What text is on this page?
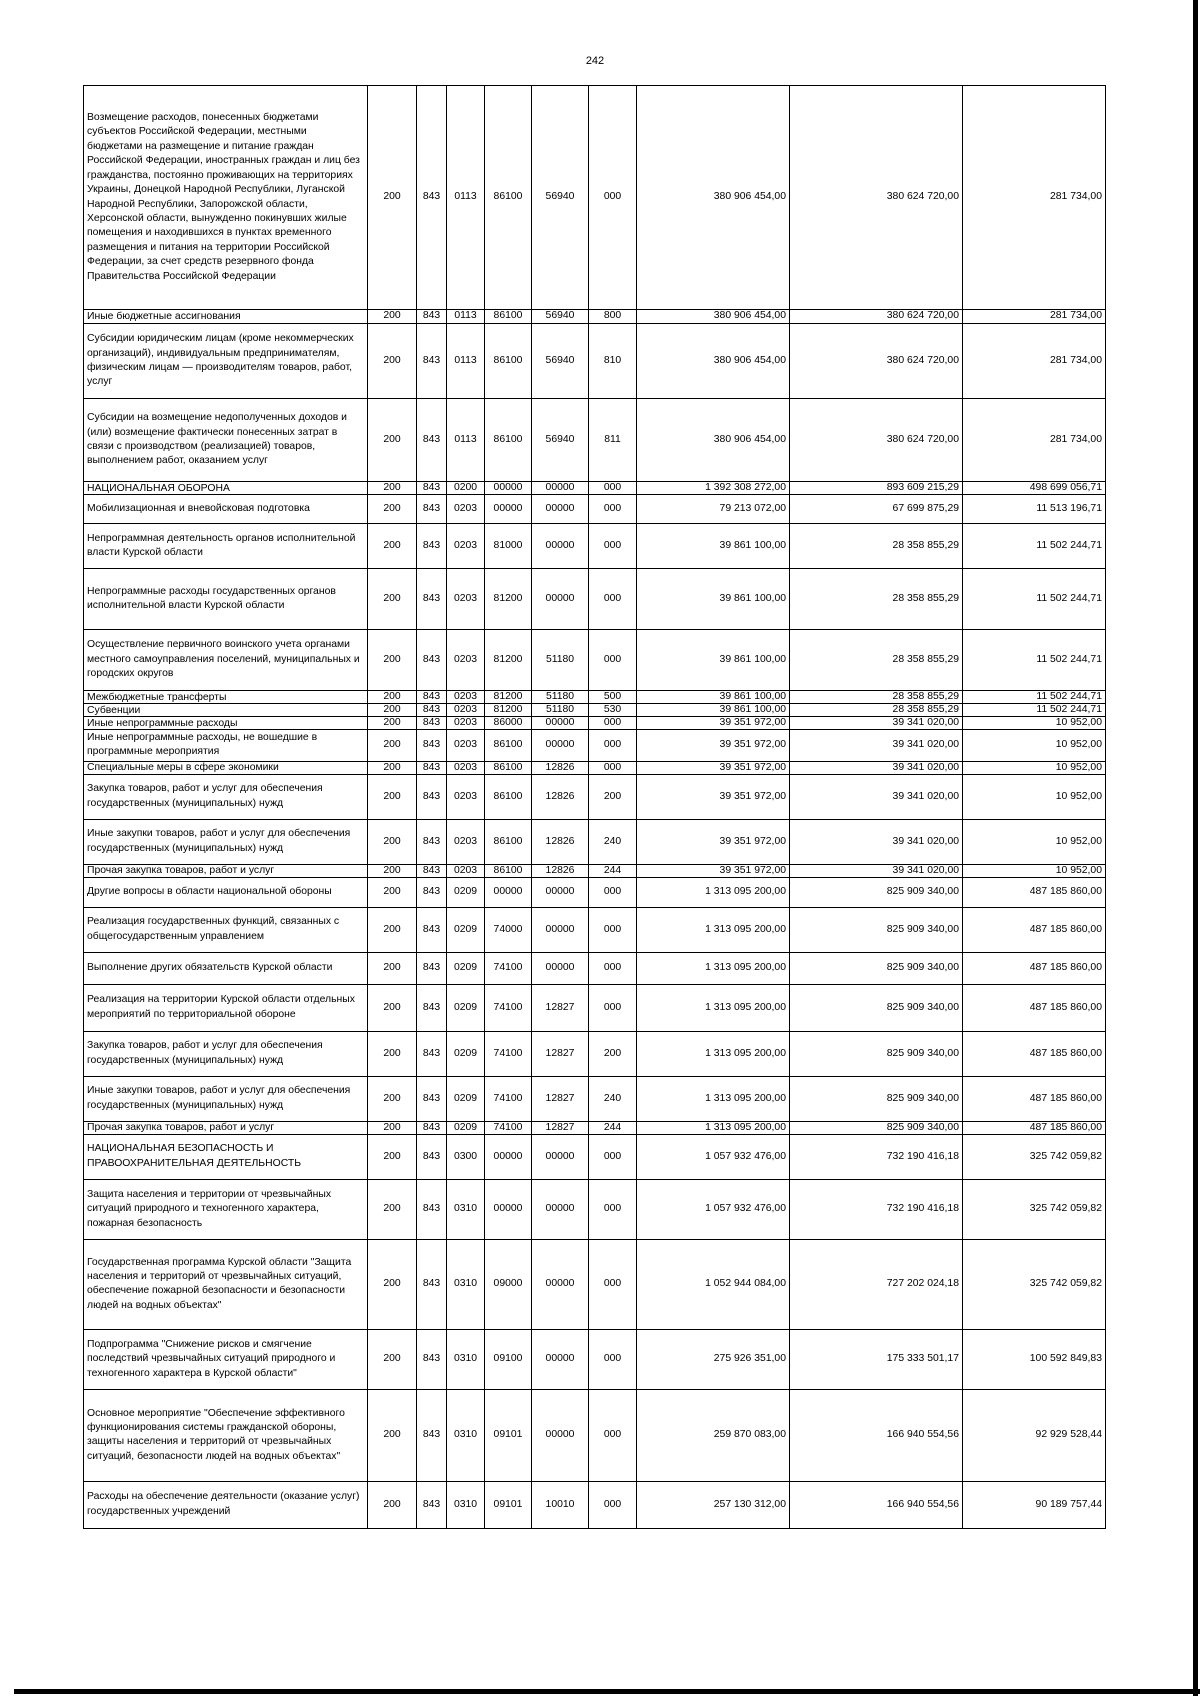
242
Возмещение расходов, понесенных бюджетами субъектов Российской Федерации, местными бюджетами на размещение и питание граждан Российской Федерации, иностранных граждан и лиц без гражданства, постоянно проживающих на территориях Украины, Донецкой Народной Республики, Луганской Народной Республики, Запорожской области, Херсонской области, вынужденно покинувших жилые помещения и находившихся в пунктах временного размещения и питания на территории Российской Федерации, за счет средств резервного фонда Правительства Российской Федерации	200	843	0113	86100	56940	000	380 906 454,00	380 624 720,00	281 734,00
Иные бюджетные ассигнования	200	843	0113	86100	56940	800	380 906 454,00	380 624 720,00	281 734,00
Субсидии юридическим лицам (кроме некоммерческих организаций), индивидуальным предпринимателям, физическим лицам — производителям товаров, работ, услуг	200	843	0113	86100	56940	810	380 906 454,00	380 624 720,00	281 734,00
Субсидии на возмещение недополученных доходов и (или) возмещение фактически понесенных затрат в связи с производством (реализацией) товаров, выполнением работ, оказанием услуг	200	843	0113	86100	56940	811	380 906 454,00	380 624 720,00	281 734,00
НАЦИОНАЛЬНАЯ ОБОРОНА	200	843	0200	00000	00000	000	1 392 308 272,00	893 609 215,29	498 699 056,71
Мобилизационная и вневойсковая подготовка	200	843	0203	00000	00000	000	79 213 072,00	67 699 875,29	11 513 196,71
Непрограммная деятельность органов исполнительной власти Курской области	200	843	0203	81000	00000	000	39 861 100,00	28 358 855,29	11 502 244,71
Непрограммные расходы государственных органов исполнительной власти Курской области	200	843	0203	81200	00000	000	39 861 100,00	28 358 855,29	11 502 244,71
Осуществление первичного воинского учета органами местного самоуправления поселений, муниципальных и городских округов	200	843	0203	81200	51180	000	39 861 100,00	28 358 855,29	11 502 244,71
Межбюджетные трансферты	200	843	0203	81200	51180	500	39 861 100,00	28 358 855,29	11 502 244,71
Субвенции	200	843	0203	81200	51180	530	39 861 100,00	28 358 855,29	11 502 244,71
Иные непрограммные расходы	200	843	0203	86000	00000	000	39 351 972,00	39 341 020,00	10 952,00
Иные непрограммные расходы, не вошедшие в программные мероприятия	200	843	0203	86100	00000	000	39 351 972,00	39 341 020,00	10 952,00
Специальные меры в сфере экономики	200	843	0203	86100	12826	000	39 351 972,00	39 341 020,00	10 952,00
Закупка товаров, работ и услуг для обеспечения государственных (муниципальных) нужд	200	843	0203	86100	12826	200	39 351 972,00	39 341 020,00	10 952,00
Иные закупки товаров, работ и услуг для обеспечения государственных (муниципальных) нужд	200	843	0203	86100	12826	240	39 351 972,00	39 341 020,00	10 952,00
Прочая закупка товаров, работ и услуг	200	843	0203	86100	12826	244	39 351 972,00	39 341 020,00	10 952,00
Другие вопросы в области национальной обороны	200	843	0209	00000	00000	000	1 313 095 200,00	825 909 340,00	487 185 860,00
Реализация государственных функций, связанных с общегосударственным управлением	200	843	0209	74000	00000	000	1 313 095 200,00	825 909 340,00	487 185 860,00
Выполнение других обязательств Курской области	200	843	0209	74100	00000	000	1 313 095 200,00	825 909 340,00	487 185 860,00
Реализация на территории Курской области отдельных мероприятий по территориальной обороне	200	843	0209	74100	12827	000	1 313 095 200,00	825 909 340,00	487 185 860,00
Закупка товаров, работ и услуг для обеспечения государственных (муниципальных) нужд	200	843	0209	74100	12827	200	1 313 095 200,00	825 909 340,00	487 185 860,00
Иные закупки товаров, работ и услуг для обеспечения государственных (муниципальных) нужд	200	843	0209	74100	12827	240	1 313 095 200,00	825 909 340,00	487 185 860,00
Прочая закупка товаров, работ и услуг	200	843	0209	74100	12827	244	1 313 095 200,00	825 909 340,00	487 185 860,00
НАЦИОНАЛЬНАЯ БЕЗОПАСНОСТЬ И ПРАВООХРАНИТЕЛЬНАЯ ДЕЯТЕЛЬНОСТЬ	200	843	0300	00000	00000	000	1 057 932 476,00	732 190 416,18	325 742 059,82
Защита населения и территории от чрезвычайных ситуаций природного и техногенного характера, пожарная безопасность	200	843	0310	00000	00000	000	1 057 932 476,00	732 190 416,18	325 742 059,82
Государственная программа Курской области "Защита населения и территорий от чрезвычайных ситуаций, обеспечение пожарной безопасности и безопасности людей на водных объектах"	200	843	0310	09000	00000	000	1 052 944 084,00	727 202 024,18	325 742 059,82
Подпрограмма "Снижение рисков и смягчение последствий чрезвычайных ситуаций природного и техногенного характера в Курской области"	200	843	0310	09100	00000	000	275 926 351,00	175 333 501,17	100 592 849,83
Основное мероприятие "Обеспечение эффективного функционирования системы гражданской обороны, защиты населения и территорий от чрезвычайных ситуаций, безопасности людей на водных объектах"	200	843	0310	09101	00000	000	259 870 083,00	166 940 554,56	92 929 528,44
Расходы на обеспечение деятельности (оказание услуг) государственных учреждений	200	843	0310	09101	10010	000	257 130 312,00	166 940 554,56	90 189 757,44
